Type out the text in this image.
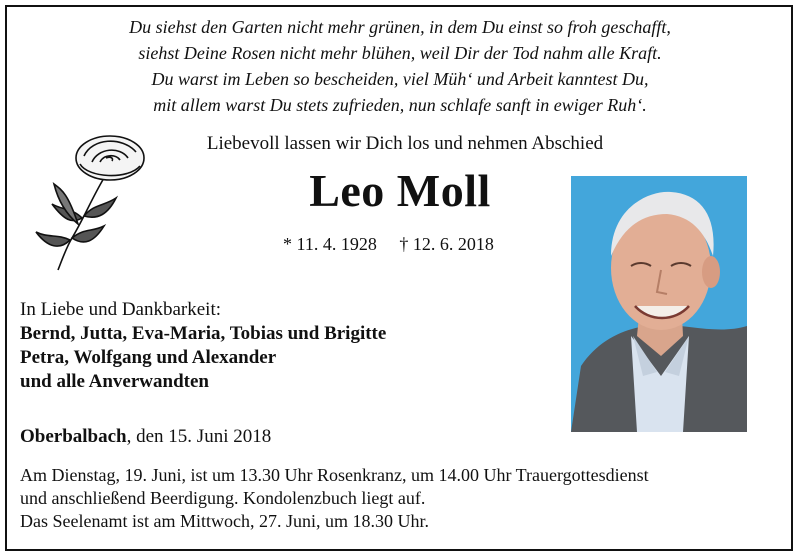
Du siehst den Garten nicht mehr grünen, in dem Du einst so froh geschafft,
siehst Deine Rosen nicht mehr blühen, weil Dir der Tod nahm alle Kraft.
Du warst im Leben so bescheiden, viel Müh‘ und Arbeit kanntest Du,
mit allem warst Du stets zufrieden, nun schlafe sanft in ewiger Ruh‘.
Liebevoll lassen wir Dich los und nehmen Abschied
Leo Moll
* 11. 4. 1928 † 12. 6. 2018
In Liebe und Dankbarkeit:
Bernd, Jutta, Eva-Maria, Tobias und Brigitte
Petra, Wolfgang und Alexander
und alle Anverwandten
Oberbalbach, den 15. Juni 2018
Am Dienstag, 19. Juni, ist um 13.30 Uhr Rosenkranz, um 14.00 Uhr Trauergottesdienst
und anschließend Beerdigung. Kondolenzbuch liegt auf.
Das Seelenamt ist am Mittwoch, 27. Juni, um 18.30 Uhr.
